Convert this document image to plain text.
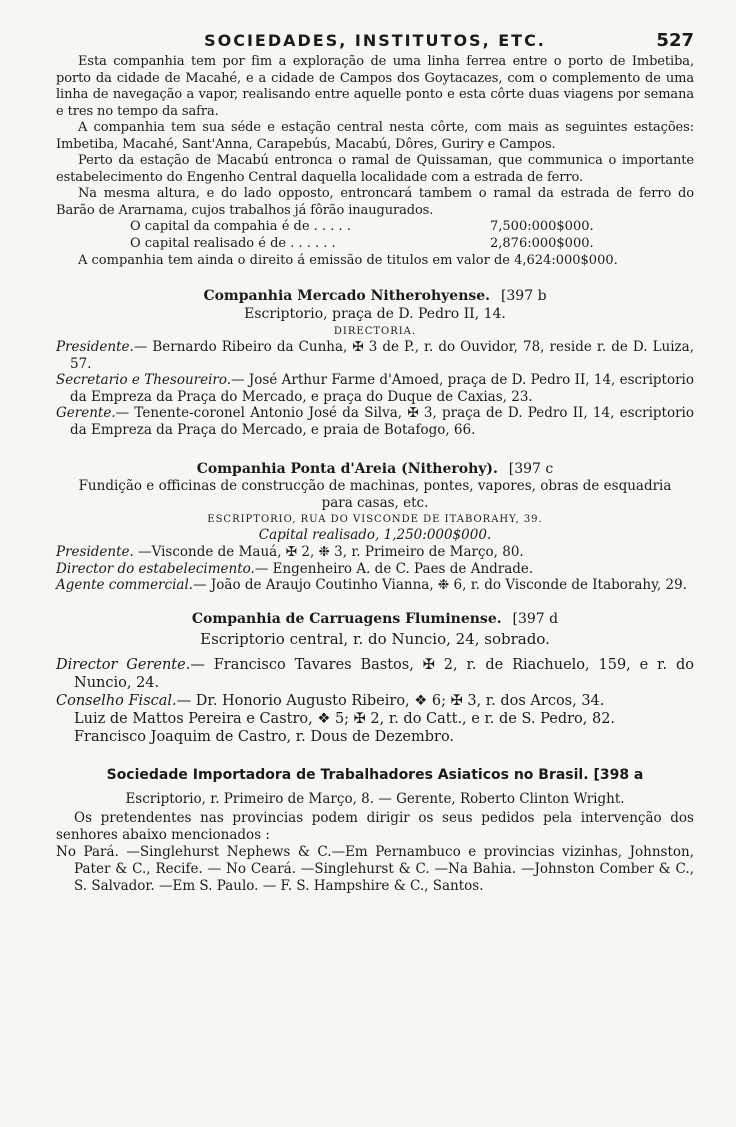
SOCIEDADES, INSTITUTOS, ETC.	527

Esta companhia tem por fim a exploração de uma linha ferrea entre o porto de Imbetiba, porto da cidade de Macahé, e a cidade de Campos dos Goytacazes, com o complemento de uma linha de navegação a vapor, realisando entre aquelle ponto e esta côrte duas viagens por semana e tres no tempo da safra.

A companhia tem sua séde e estação central nesta côrte, com mais as seguintes estações: Imbetiba, Macahé, Sant'Anna, Carapebús, Macabú, Dôres, Guriry e Campos.

Perto da estação de Macabú entronca o ramal de Quissaman, que communica o importante estabelecimento do Engenho Central daquella localidade com a estrada de ferro.

Na mesma altura, e do lado opposto, entroncará tambem o ramal da estrada de ferro do Barão de Ararnama, cujos trabalhos já fôrão inaugurados.

O capital da compahia é de . . . . .	7,500:000$000.
O capital realisado é de . . . . . .	2,876:000$000.

A companhia tem ainda o direito á emissão de titulos em valor de 4,624:000$000.

Companhia Mercado Nitherohyense. [397 b

Escriptorio, praça de D. Pedro II, 14.

DIRECTORIA.

Presidente.— Bernardo Ribeiro da Cunha, ✠ 3 de P., r. do Ouvidor, 78, reside r. de D. Luiza, 57.

Secretario e Thesoureiro.— José Arthur Farme d'Amoed, praça de D. Pedro II, 14, escriptorio da Empreza da Praça do Mercado, e praça do Duque de Caxias, 23.

Gerente.— Tenente-coronel Antonio José da Silva, ✠ 3, praça de D. Pedro II, 14, escriptorio da Empreza da Praça do Mercado, e praia de Botafogo, 66.

Companhia Ponta d'Areia (Nitherohy). [397 c

Fundição e officinas de construcção de machinas, pontes, vapores, obras de esquadria para casas, etc.

ESCRIPTORIO, RUA DO VISCONDE DE ITABORAHY, 39.

Capital realisado, 1,250:000$000.

Presidente. —Visconde de Mauá, ✠ 2, ❉ 3, r. Primeiro de Março, 80.

Director do estabelecimento.— Engenheiro A. de C. Paes de Andrade.

Agente commercial.— João de Araujo Coutinho Vianna, ❉ 6, r. do Visconde de Itaborahy, 29.

Companhia de Carruagens Fluminense. [397 d

Escriptorio central, r. do Nuncio, 24, sobrado.

Director Gerente.— Francisco Tavares Bastos, ✠ 2, r. de Riachuelo, 159, e r. do Nuncio, 24.

Conselho Fiscal.— Dr. Honorio Augusto Ribeiro, ❖ 6; ✠ 3, r. dos Arcos, 34.

Luiz de Mattos Pereira e Castro, ❖ 5; ✠ 2, r. do Catt., e r. de S. Pedro, 82.

Francisco Joaquim de Castro, r. Dous de Dezembro.

Sociedade Importadora de Trabalhadores Asiaticos no Brasil. [398 a

Escriptorio, r. Primeiro de Março, 8. — Gerente, Roberto Clinton Wright.

Os pretendentes nas provincias podem dirigir os seus pedidos pela intervenção dos senhores abaixo mencionados :

No Pará. —Singlehurst Nephews & C.—Em Pernambuco e provincias vizinhas, Johnston, Pater & C., Recife. — No Ceará. —Singlehurst & C. —Na Bahia. —Johnston Comber & C., S. Salvador. —Em S. Paulo. — F. S. Hampshire & C., Santos.
